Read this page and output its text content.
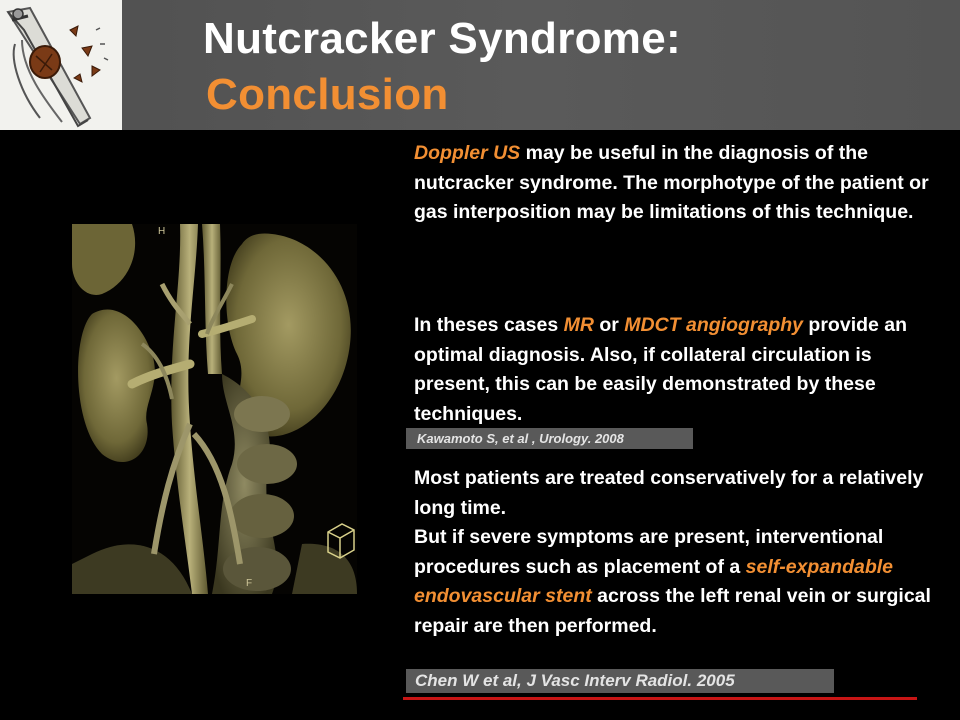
Nutcracker Syndrome:
Conclusion
H
F
Doppler US may be useful in the diagnosis of the nutcracker syndrome. The morphotype of the patient or gas interposition may be limitations of this technique.
In theses cases MR or MDCT angiography provide an optimal diagnosis. Also, if collateral circulation is present, this can be easily demonstrated by these techniques.
Kawamoto S, et al , Urology. 2008
Most patients are treated conservatively for a relatively long time.
But if severe symptoms are present, interventional procedures such as placement of a self-expandable endovascular stent across the left renal vein or surgical repair are then performed.
Chen W et al, J Vasc Interv Radiol. 2005
